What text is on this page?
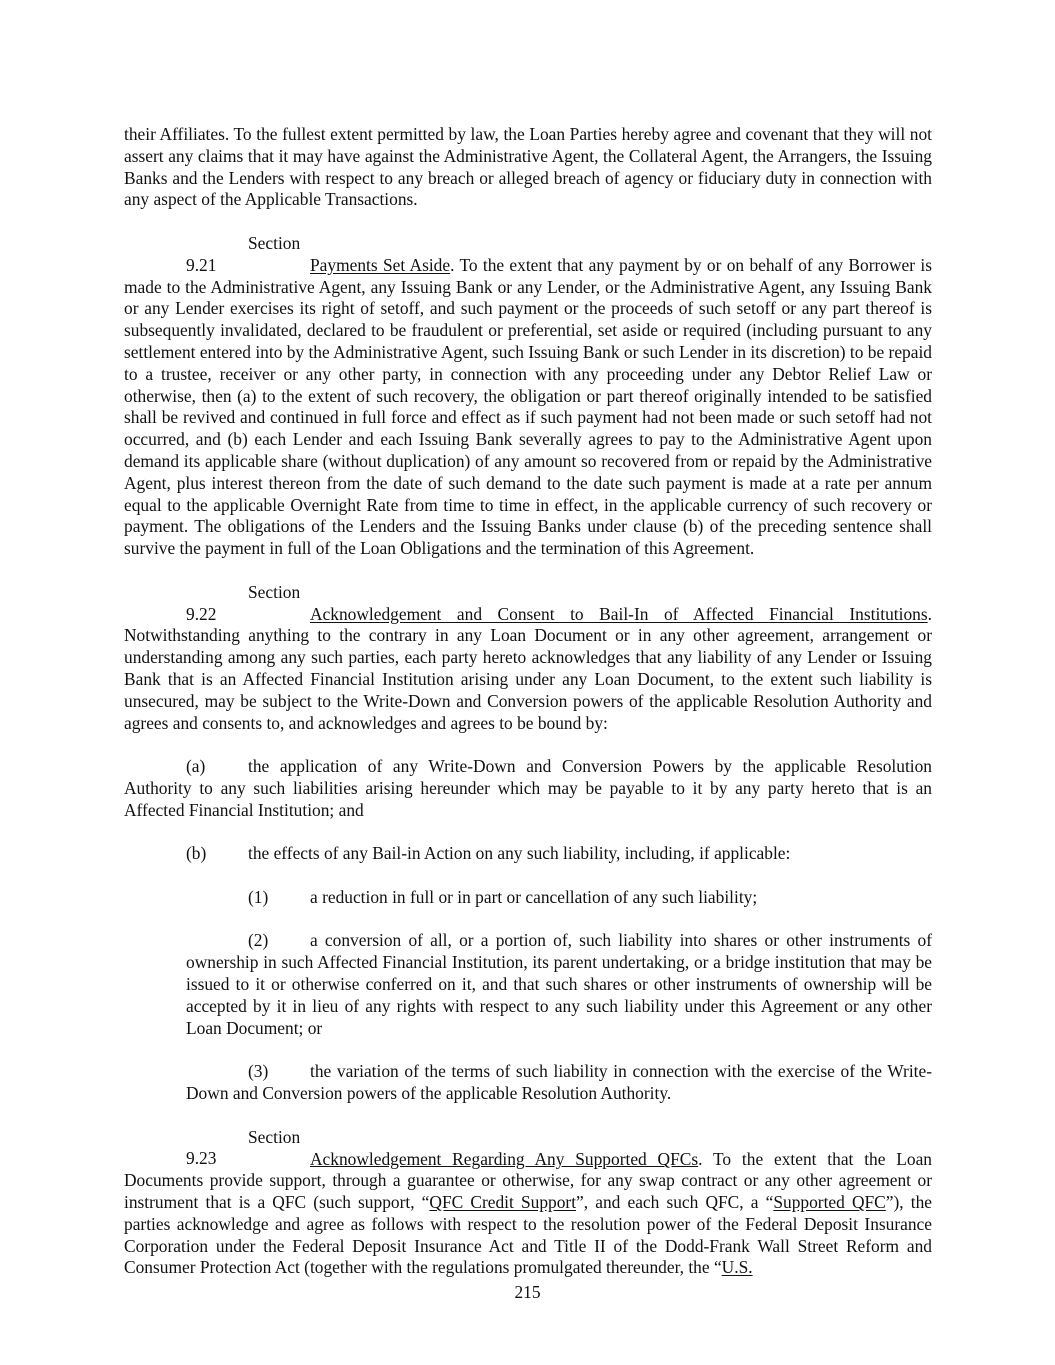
their Affiliates. To the fullest extent permitted by law, the Loan Parties hereby agree and covenant that they will not assert any claims that it may have against the Administrative Agent, the Collateral Agent, the Arrangers, the Issuing Banks and the Lenders with respect to any breach or alleged breach of agency or fiduciary duty in connection with any aspect of the Applicable Transactions.

Section 9.21	Payments Set Aside. To the extent that any payment by or on behalf of any Borrower is made to the Administrative Agent, any Issuing Bank or any Lender, or the Administrative Agent, any Issuing Bank or any Lender exercises its right of setoff, and such payment or the proceeds of such setoff or any part thereof is subsequently invalidated, declared to be fraudulent or preferential, set aside or required (including pursuant to any settlement entered into by the Administrative Agent, such Issuing Bank or such Lender in its discretion) to be repaid to a trustee, receiver or any other party, in connection with any proceeding under any Debtor Relief Law or otherwise, then (a) to the extent of such recovery, the obligation or part thereof originally intended to be satisfied shall be revived and continued in full force and effect as if such payment had not been made or such setoff had not occurred, and (b) each Lender and each Issuing Bank severally agrees to pay to the Administrative Agent upon demand its applicable share (without duplication) of any amount so recovered from or repaid by the Administrative Agent, plus interest thereon from the date of such demand to the date such payment is made at a rate per annum equal to the applicable Overnight Rate from time to time in effect, in the applicable currency of such recovery or payment. The obligations of the Lenders and the Issuing Banks under clause (b) of the preceding sentence shall survive the payment in full of the Loan Obligations and the termination of this Agreement.

Section 9.22	Acknowledgement and Consent to Bail-In of Affected Financial Institutions. Notwithstanding anything to the contrary in any Loan Document or in any other agreement, arrangement or understanding among any such parties, each party hereto acknowledges that any liability of any Lender or Issuing Bank that is an Affected Financial Institution arising under any Loan Document, to the extent such liability is unsecured, may be subject to the Write-Down and Conversion powers of the applicable Resolution Authority and agrees and consents to, and acknowledges and agrees to be bound by:

(a) the application of any Write-Down and Conversion Powers by the applicable Resolution Authority to any such liabilities arising hereunder which may be payable to it by any party hereto that is an Affected Financial Institution; and

(b) the effects of any Bail-in Action on any such liability, including, if applicable:

(1) a reduction in full or in part or cancellation of any such liability;

(2) a conversion of all, or a portion of, such liability into shares or other instruments of ownership in such Affected Financial Institution, its parent undertaking, or a bridge institution that may be issued to it or otherwise conferred on it, and that such shares or other instruments of ownership will be accepted by it in lieu of any rights with respect to any such liability under this Agreement or any other Loan Document; or

(3) the variation of the terms of such liability in connection with the exercise of the Write-Down and Conversion powers of the applicable Resolution Authority.

Section 9.23	Acknowledgement Regarding Any Supported QFCs. To the extent that the Loan Documents provide support, through a guarantee or otherwise, for any swap contract or any other agreement or instrument that is a QFC (such support, “QFC Credit Support”, and each such QFC, a “Supported QFC”), the parties acknowledge and agree as follows with respect to the resolution power of the Federal Deposit Insurance Corporation under the Federal Deposit Insurance Act and Title II of the Dodd-Frank Wall Street Reform and Consumer Protection Act (together with the regulations promulgated thereunder, the “U.S.

215
